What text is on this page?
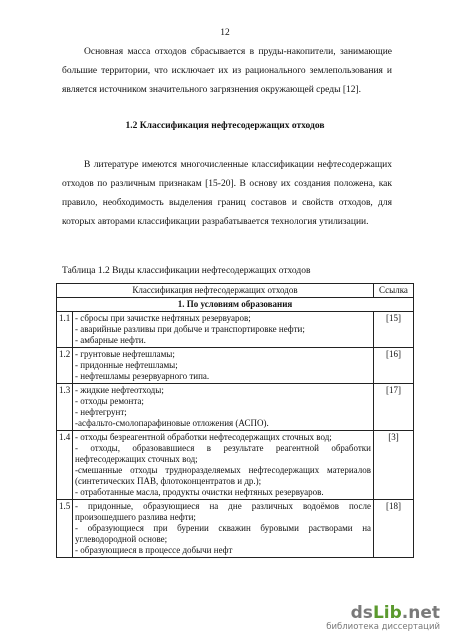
12

Основная масса отходов сбрасывается в пруды-накопители, занимающие большие территории, что исключает их из рационального землепользования и является источником значительного загрязнения окружающей среды [12].

1.2 Классификация нефтесодержащих отходов

В литературе имеются многочисленные классификации нефтесодержащих отходов по различным признакам [15-20]. В основу их создания положена, как правило, необходимость выделения границ составов и свойств отходов, для которых авторами классификации разрабатывается технология утилизации.

Таблица 1.2 Виды классификации нефтесодержащих отходов
Классификация нефтесодержащих отходов		Ссылка
1. По условиям образования		
1.1	- сбросы при зачистке нефтяных резервуаров;
- аварийные разливы при добыче и транспортировке нефти;
- амбарные нефти.	[15]
1.2	- грунтовые нефтешламы;
- придонные нефтешламы;
- нефтешламы резервуарного типа.	[16]
1.3	- жидкие нефтеотходы;
- отходы ремонта;
- нефтегрунт;
-асфальто-смолопарафиновые отложения (АСПО).	[17]
1.4	- отходы безреагентной обработки нефтесодержащих сточных вод;
- отходы, образовавшиеся в результате реагентной обработки нефтесодержащих сточных вод;
-смешанные отходы трудноразделяемых нефтесодержащих материалов (синтетических ПАВ, флотоконцентратов и др.);
- отработанные масла, продукты очистки нефтяных резервуаров.	[3]
1.5	- придонные, образующиеся на дне различных водоёмов после произошедшего разлива нефти;
- образующиеся при бурении скважин буровыми растворами на углеводородной основе;
- образующиеся в процессе добычи нефт	[18]
dsLib.net
библиотека диссертаций
